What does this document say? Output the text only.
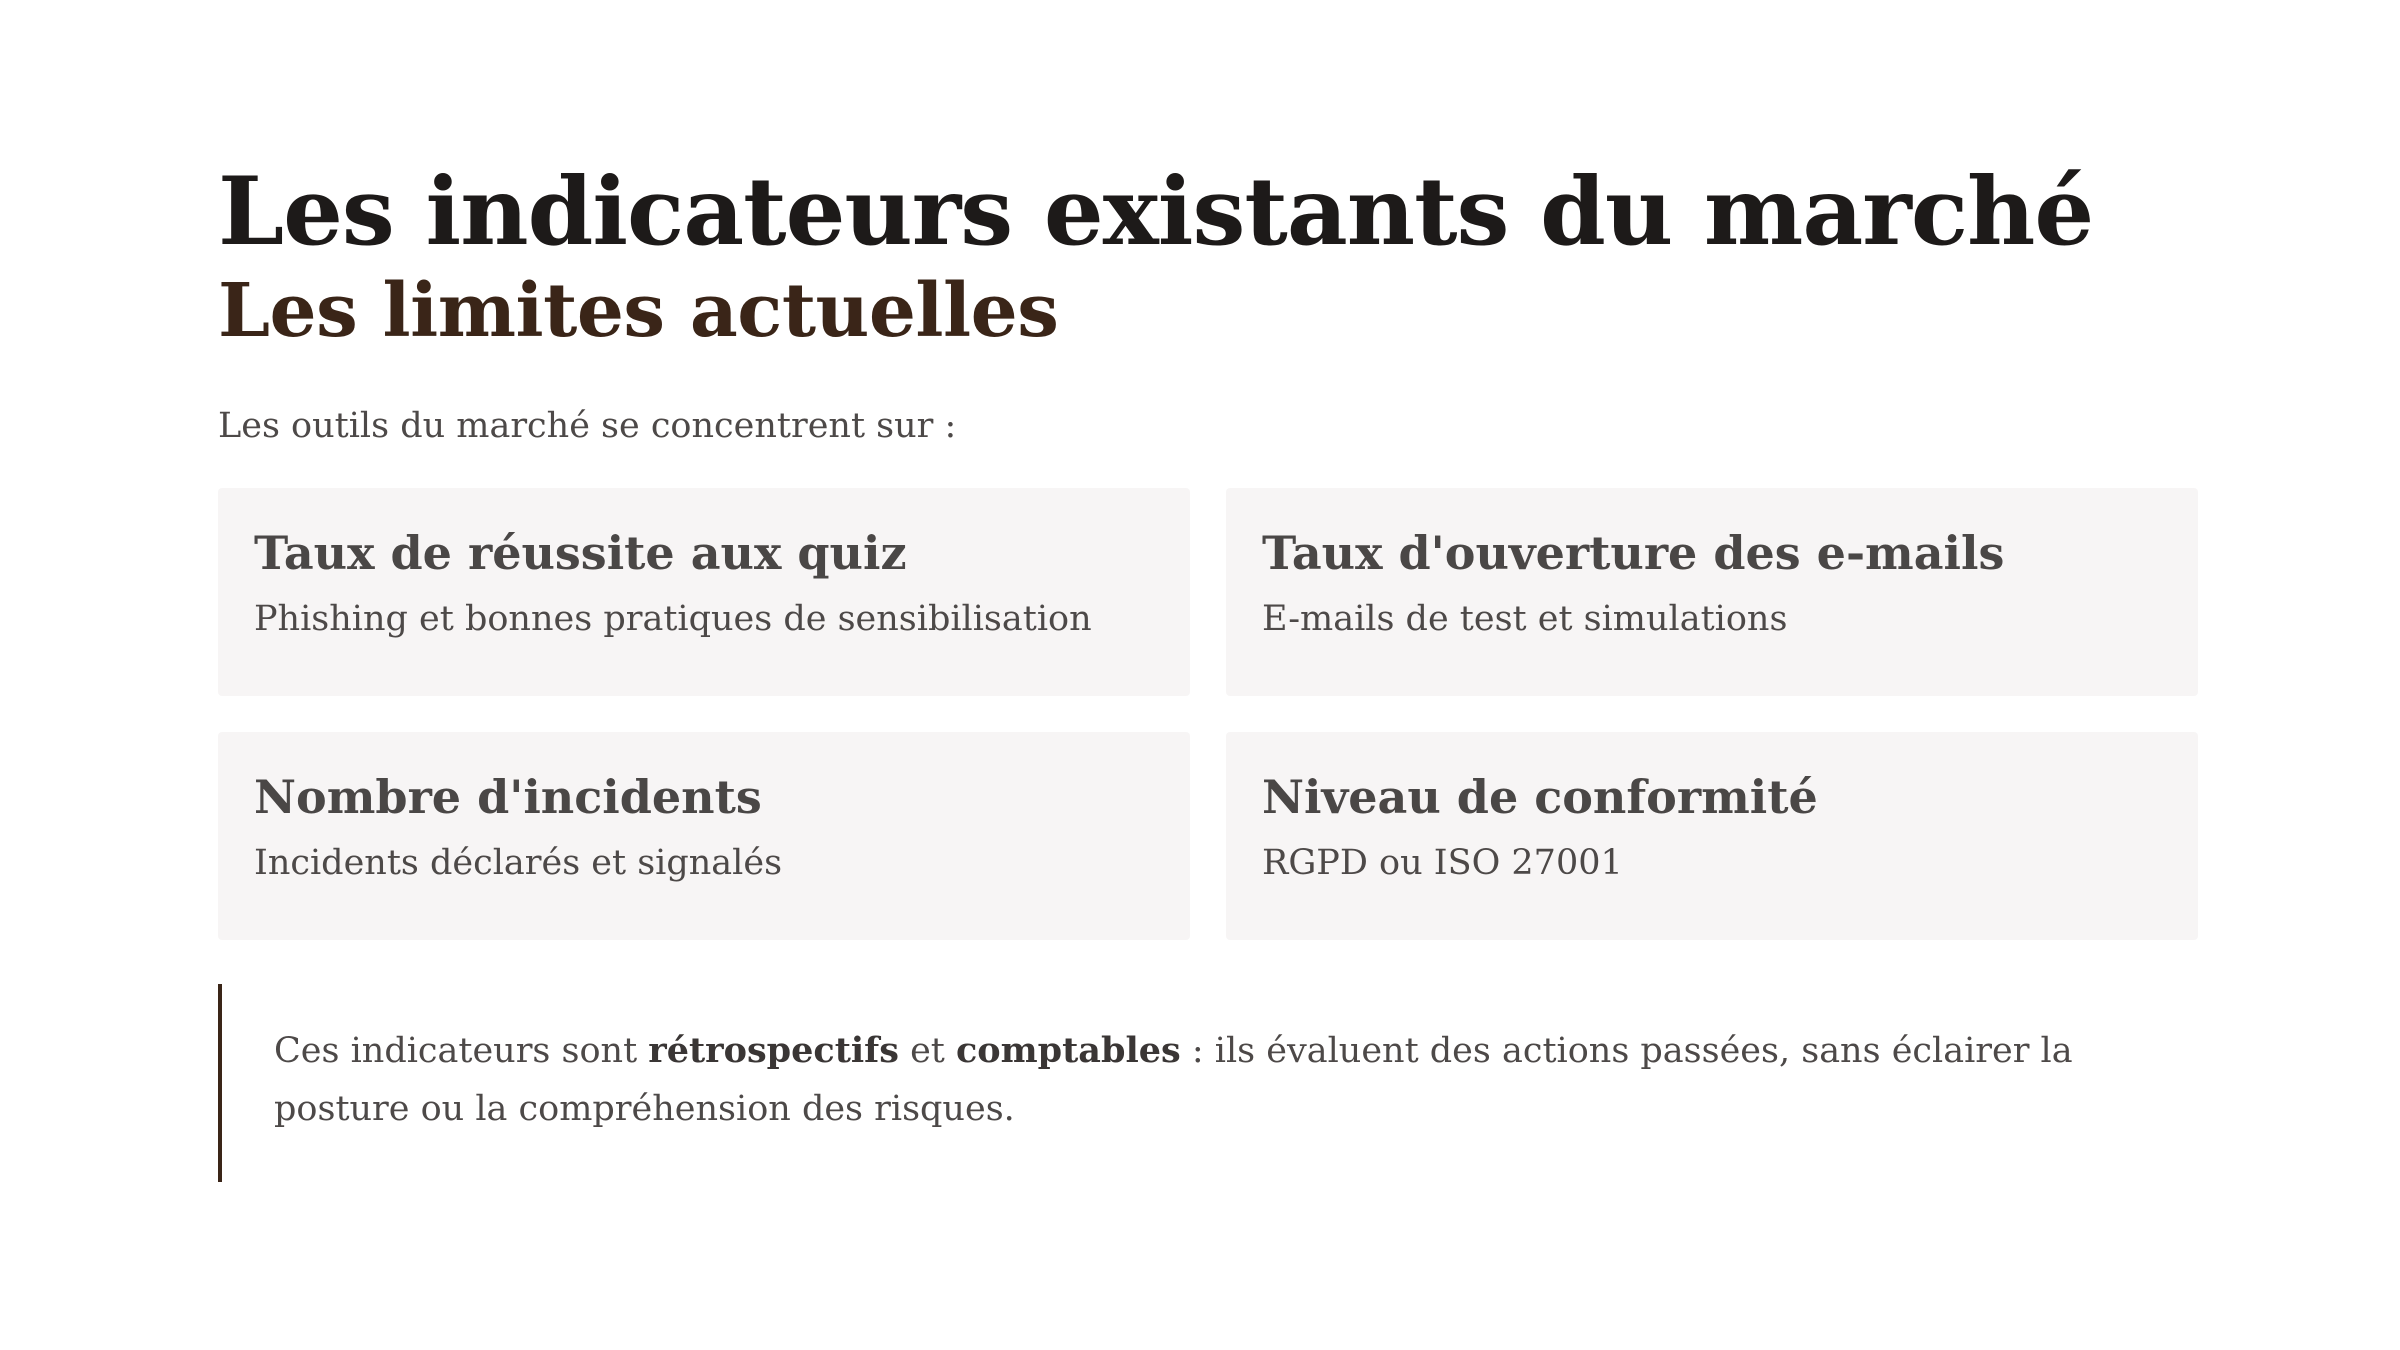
Les indicateurs existants du marché
Les limites actuelles

Les outils du marché se concentrent sur :

Taux de réussite aux quiz

Phishing et bonnes pratiques de sensibilisation

Taux d'ouverture des e-mails

E-mails de test et simulations

Nombre d'incidents

Incidents déclarés et signalés

Niveau de conformité

RGPD ou ISO 27001

Ces indicateurs sont rétrospectifs et comptables : ils évaluent des actions passées, sans éclairer la posture ou la compréhension des risques.
